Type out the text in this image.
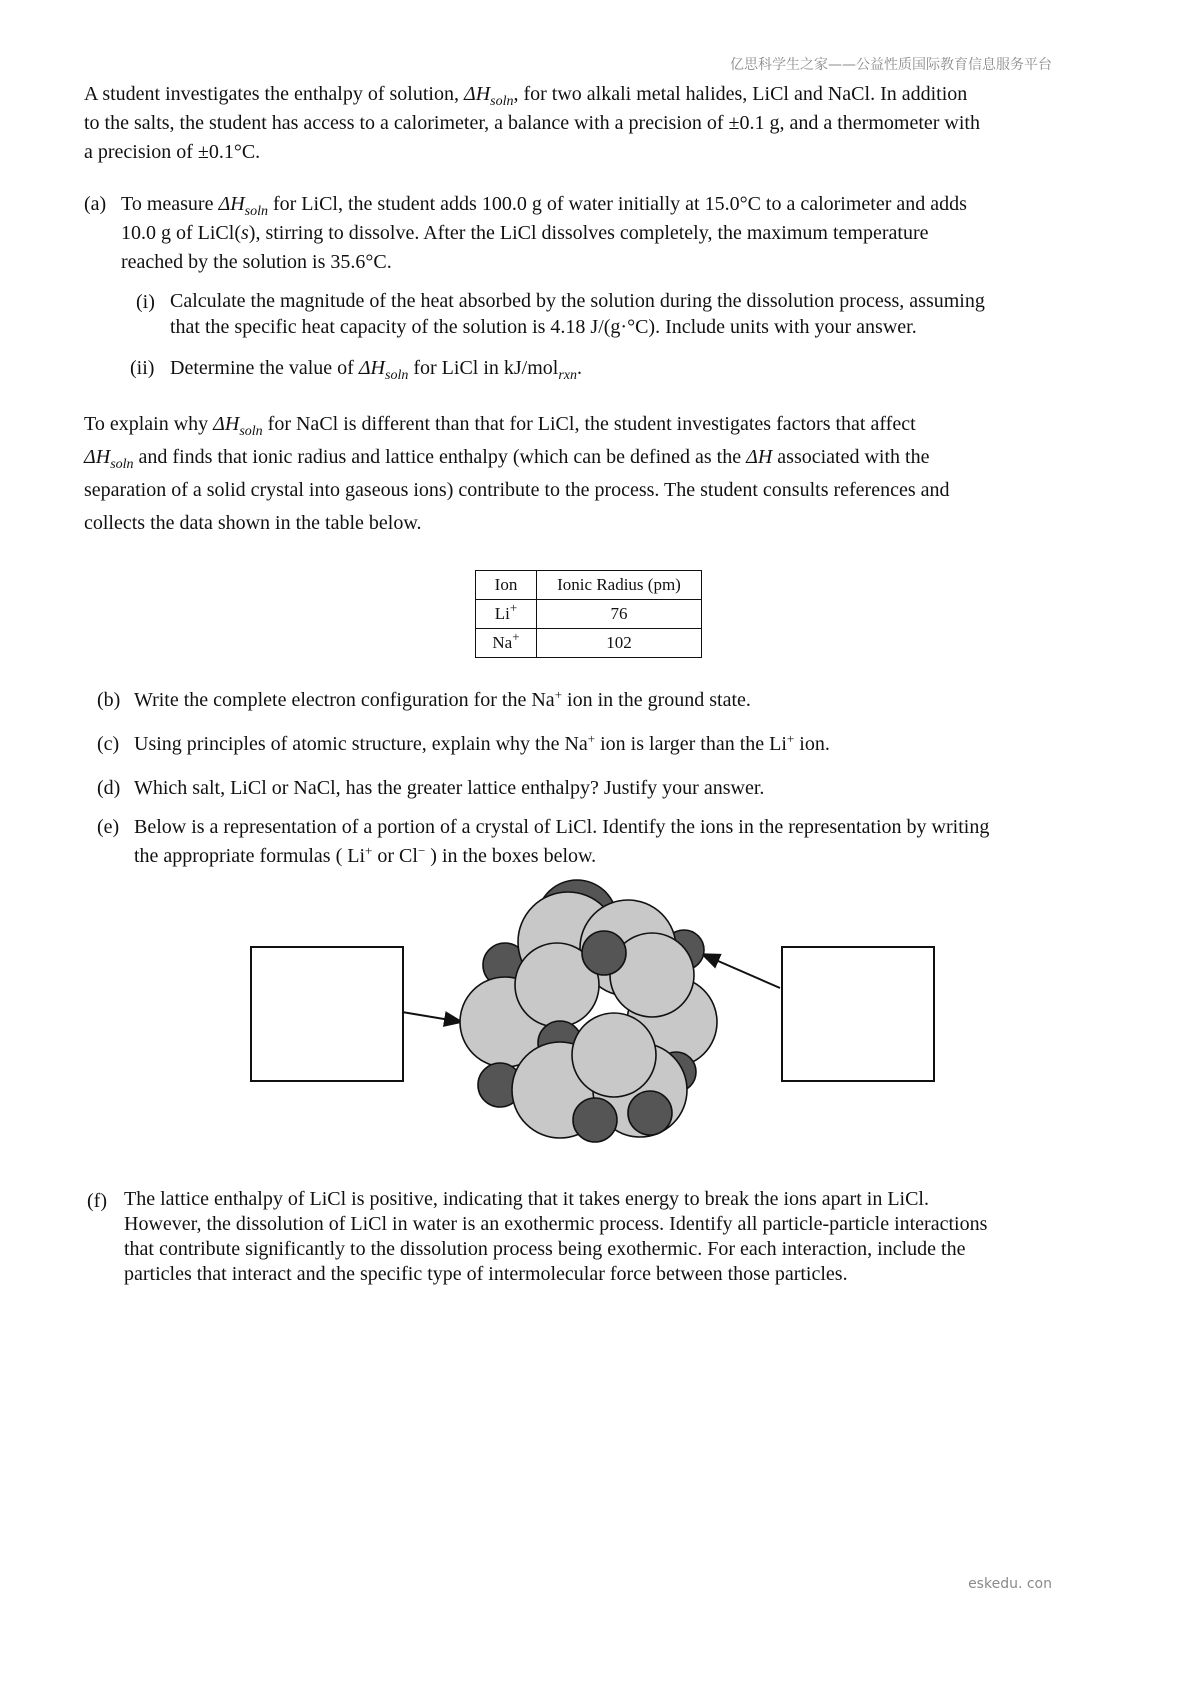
亿思科学生之家——公益性质国际教育信息服务平台
A student investigates the enthalpy of solution, $\Delta H_{soln}$, for two alkali metal halides, LiCl and NaCl. In addition
to the salts, the student has access to a calorimeter, a balance with a precision of ±0.1 g, and a thermometer with
a precision of ±0.1°C.
(a) To measure $\Delta H_{soln}$ for LiCl, the student adds 100.0 g of water initially at 15.0°C to a calorimeter and adds
10.0 g of LiCl(s), stirring to dissolve. After the LiCl dissolves completely, the maximum temperature
reached by the solution is 35.6°C.
(i) Calculate the magnitude of the heat absorbed by the solution during the dissolution process, assuming
that the specific heat capacity of the solution is 4.18 J/(g·°C). Include units with your answer.
(ii) Determine the value of $\Delta H_{soln}$ for LiCl in kJ/mol$_{rxn}$.
To explain why $\Delta H_{soln}$ for NaCl is different than that for LiCl, the student investigates factors that affect
$\Delta H_{soln}$ and finds that ionic radius and lattice enthalpy (which can be defined as the ΔH associated with the
separation of a solid crystal into gaseous ions) contribute to the process. The student consults references and
collects the data shown in the table below.
Ion	Ionic Radius (pm)
Li+	76
Na+	102
(b) Write the complete electron configuration for the Na+ ion in the ground state.
(c) Using principles of atomic structure, explain why the Na+ ion is larger than the Li+ ion.
(d) Which salt, LiCl or NaCl, has the greater lattice enthalpy? Justify your answer.
(e) Below is a representation of a portion of a crystal of LiCl. Identify the ions in the representation by writing
the appropriate formulas ( Li+ or Cl− ) in the boxes below.
(f) The lattice enthalpy of LiCl is positive, indicating that it takes energy to break the ions apart in LiCl.
However, the dissolution of LiCl in water is an exothermic process. Identify all particle-particle interactions
that contribute significantly to the dissolution process being exothermic. For each interaction, include the
particles that interact and the specific type of intermolecular force between those particles.
eskedu. con
